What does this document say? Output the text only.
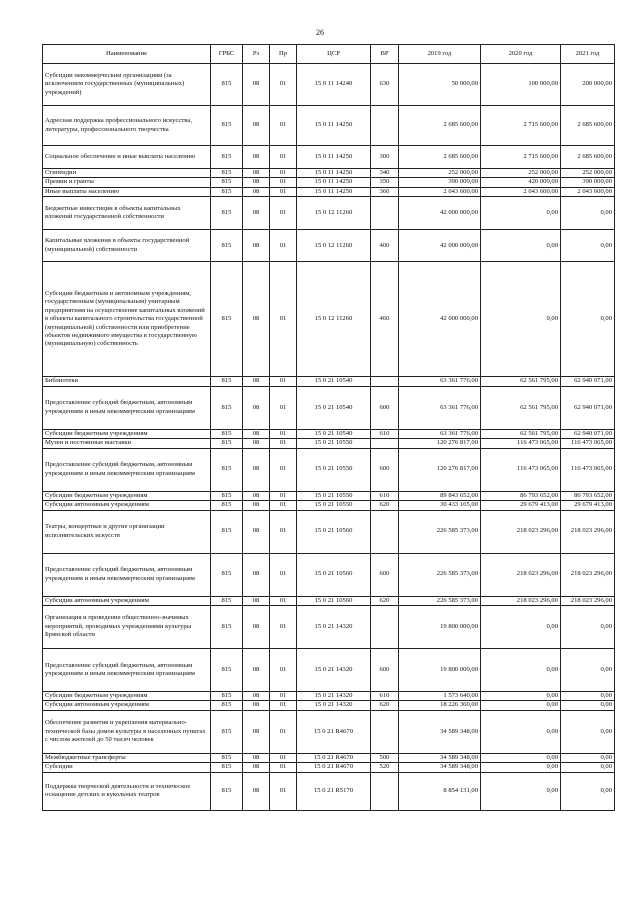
26
Наименование	ГРБС	Рз	Пр	ЦСР	ВР	2019 год	2020 год	2021 год
Субсидии некоммерческим организациям (за исключением государственных (муниципальных) учреждений)	815	08	01	15 0 11 14240	630	50 000,00	100 000,00	200 000,00
Адресная поддержка профессионального искусства, литературы, профессионального творчества	815	08	01	15 0 11 14250		2 685 600,00	2 715 600,00	2 685 600,00
Социальное обеспечение и иные выплаты населению	815	08	01	15 0 11 14250	300	2 685 600,00	2 715 600,00	2 685 600,00
Стипендии	815	08	01	15 0 11 14250	340	252 000,00	252 000,00	252 000,00
Премии и гранты	815	08	01	15 0 11 14250	350	390 000,00	420 000,00	390 000,00
Иные выплаты населению	815	08	01	15 0 11 14250	360	2 043 600,00	2 043 600,00	2 043 600,00
Бюджетные инвестиции в объекты капитальных вложений государственной собственности	815	08	01	15 0 12 11260		42 000 000,00	0,00	0,00
Капитальные вложения в объекты государственной (муниципальной) собственности	815	08	01	15 0 12 11260	400	42 000 000,00	0,00	0,00
Субсидии бюджетным и автономным учреждениям, государственным (муниципальным) унитарным предприятиям на осуществление капитальных вложений в объекты капитального строительства государственной (муниципальной) собственности или приобретение объектов недвижимого имущества в государственную (муниципальную) собственность	815	08	01	15 0 12 11260	460	42 000 000,00	0,00	0,00
Библиотеки	815	08	01	15 0 21 10540		63 361 776,00	62 561 795,00	62 940 071,00
Предоставление субсидий бюджетным, автономным учреждениям и иным некоммерческим организациям	815	08	01	15 0 21 10540	600	63 361 776,00	62 561 795,00	62 940 071,00
Субсидии бюджетным учреждениям	815	08	01	15 0 21 10540	610	63 361 776,00	62 561 795,00	62 940 071,00
Музеи и постоянные выставки	815	08	01	15 0 21 10550		120 276 817,00	116 473 065,00	116 473 065,00
Предоставление субсидий бюджетным, автономным учреждениям и иным некоммерческим организациям	815	08	01	15 0 21 10550	600	120 276 817,00	116 473 065,00	116 473 065,00
Субсидии бюджетным учреждениям	815	08	01	15 0 21 10550	610	89 843 652,00	86 793 652,00	86 793 652,00
Субсидии автономным учреждениям	815	08	01	15 0 21 10550	620	30 433 165,00	29 679 413,00	29 679 413,00
Театры, концертные и другие организации исполнительских искусств	815	08	01	15 0 21 10560		226 585 373,00	218 023 296,00	218 023 296,00
Предоставление субсидий бюджетным, автономным учреждениям и иным некоммерческим организациям	815	08	01	15 0 21 10560	600	226 585 373,00	218 023 296,00	218 023 296,00
Субсидии автономным учреждениям	815	08	01	15 0 21 10560	620	226 585 373,00	218 023 296,00	218 023 296,00
Организация и проведение общественно-значимых мероприятий, проводимых учреждениями культуры Брянской области	815	08	01	15 0 21 14320		19 800 000,00	0,00	0,00
Предоставление субсидий бюджетным, автономным учреждениям и иным некоммерческим организациям	815	08	01	15 0 21 14320	600	19 800 000,00	0,00	0,00
Субсидии бюджетным учреждениям	815	08	01	15 0 21 14320	610	1 573 640,00	0,00	0,00
Субсидии автономным учреждениям	815	08	01	15 0 21 14320	620	18 226 360,00	0,00	0,00
Обеспечение развития и укрепления материально-технической базы домов культуры в населенных пунктах с числом жителей до 50 тысяч человек	815	08	01	15 0 21 R4670		34 589 348,00	0,00	0,00
Межбюджетные трансферты	815	08	01	15 0 21 R4670	500	34 589 348,00	0,00	0,00
Субсидии	815	08	01	15 0 21 R4670	520	34 589 348,00	0,00	0,00
Поддержка творческой деятельности и техническое оснащение детских и кукольных театров	815	08	01	15 0 21 R5170		8 854 131,00	0,00	0,00
